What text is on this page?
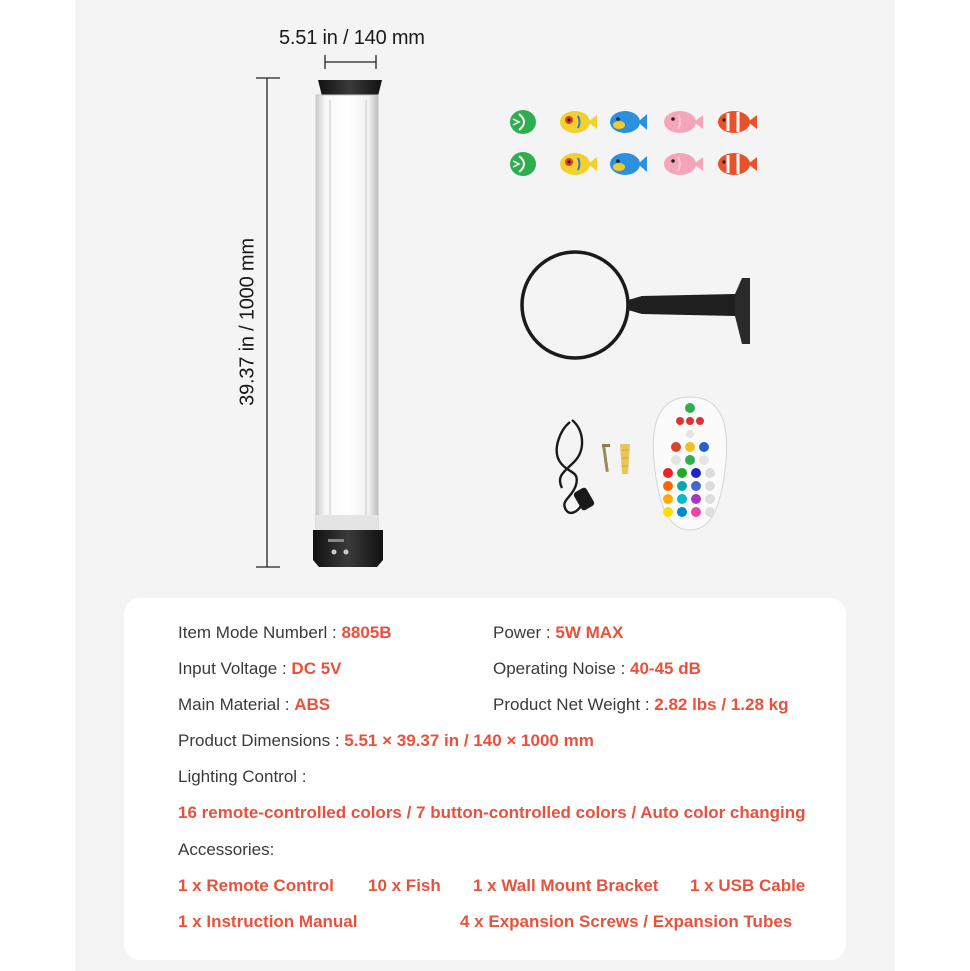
5.51 in / 140 mm
39.37 in / 1000 mm
Item Mode Numberl : 8805B	Power : 5W MAX
Input Voltage : DC 5V	Operating Noise : 40-45 dB
Main Material : ABS	Product Net Weight : 2.82 lbs / 1.28 kg
Product Dimensions : 5.51 × 39.37 in / 140 × 1000 mm
Lighting Control :
16 remote-controlled colors / 7 button-controlled colors / Auto color changing
Accessories:
1 x Remote Control 10 x Fish 1 x Wall Mount Bracket 1 x USB Cable
1 x Instruction Manual	4 x Expansion Screws / Expansion Tubes
